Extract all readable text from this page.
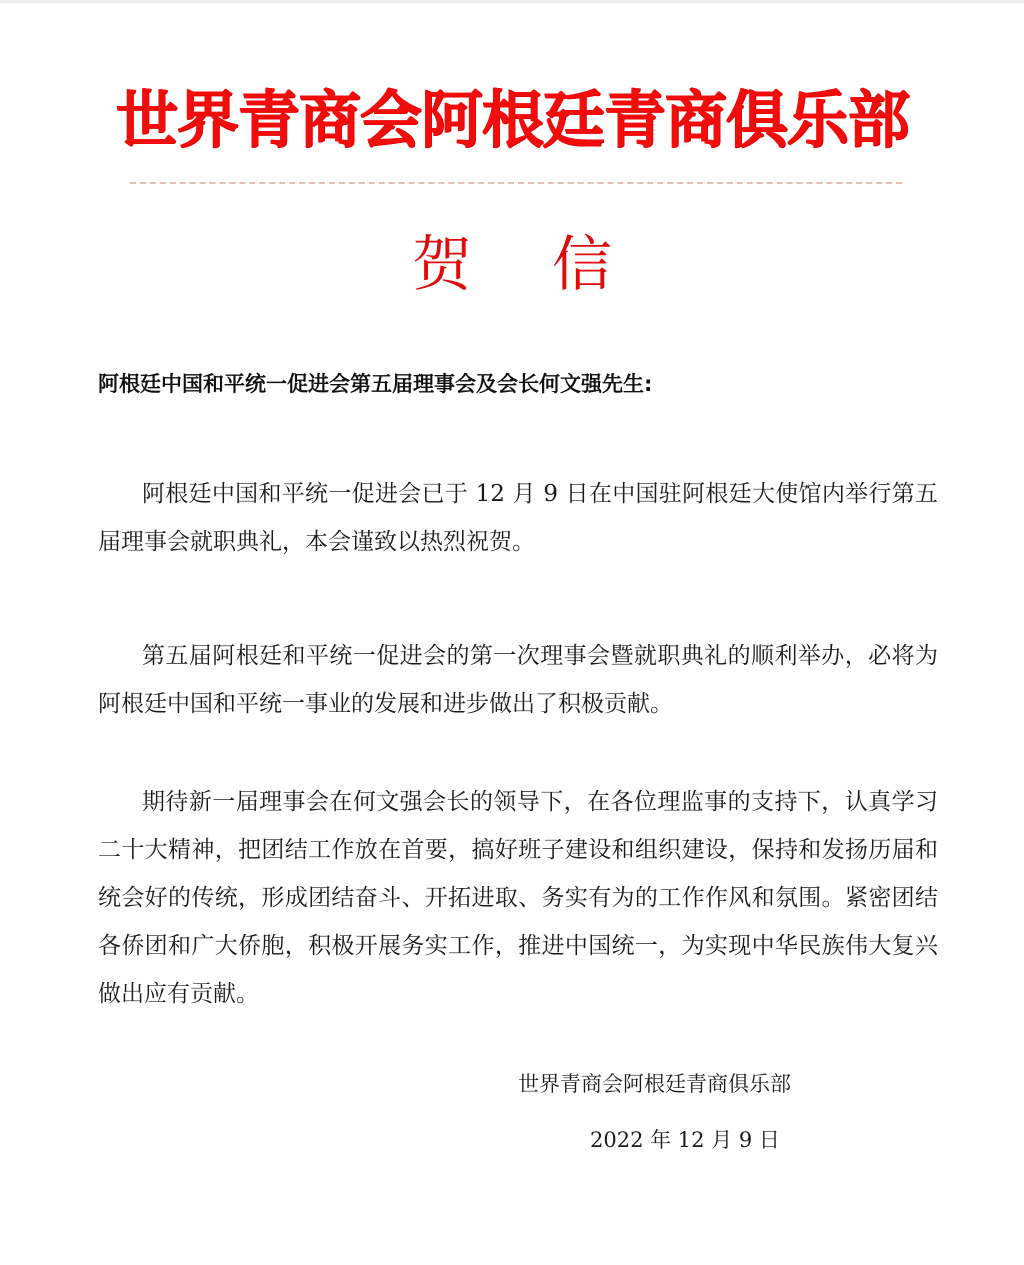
世界青商会阿根廷青商俱乐部
贺 信
阿根廷中国和平统一促进会第五届理事会及会长何文强先生:
阿根廷中国和平统一促进会已于 12 月 9 日在中国驻阿根廷大使馆内举行第五届理事会就职典礼，本会谨致以热烈祝贺。
第五届阿根廷和平统一促进会的第一次理事会暨就职典礼的顺利举办，必将为阿根廷中国和平统一事业的发展和进步做出了积极贡献。
期待新一届理事会在何文强会长的领导下，在各位理监事的支持下，认真学习二十大精神，把团结工作放在首要，搞好班子建设和组织建设，保持和发扬历届和统会好的传统，形成团结奋斗、开拓进取、务实有为的工作作风和氛围。紧密团结各侨团和广大侨胞，积极开展务实工作，推进中国统一，为实现中华民族伟大复兴做出应有贡献。
世界青商会阿根廷青商俱乐部
2022 年 12 月 9 日
